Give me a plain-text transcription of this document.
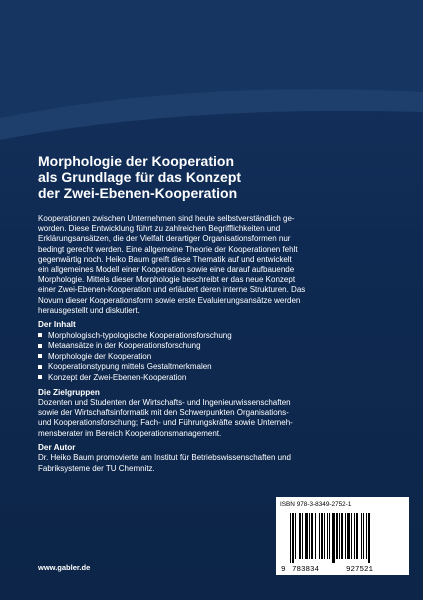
Morphologie der Kooperation
als Grundlage für das Konzept
der Zwei-Ebenen-Kooperation

Kooperationen zwischen Unternehmen sind heute selbstverständlich ge-
worden. Diese Entwicklung führt zu zahlreichen Begrifflichkeiten und
Erklärungsansätzen, die der Vielfalt derartiger Organisationsformen nur
bedingt gerecht werden. Eine allgemeine Theorie der Kooperationen fehlt
gegenwärtig noch. Heiko Baum greift diese Thematik auf und entwickelt
ein allgemeines Modell einer Kooperation sowie eine darauf aufbauende
Morphologie. Mittels dieser Morphologie beschreibt er das neue Konzept
einer Zwei-Ebenen-Kooperation und erläutert deren interne Strukturen. Das
Novum dieser Kooperationsform sowie erste Evaluierungsansätze werden
herausgestellt und diskutiert.

Der Inhalt
Morphologisch-typologische Kooperationsforschung
Metaansätze in der Kooperationsforschung
Morphologie der Kooperation
Kooperationstypung mittels Gestaltmerkmalen
Konzept der Zwei-Ebenen-Kooperation
Die Zielgruppen

Dozenten und Studenten der Wirtschafts- und Ingenieurwissenschaften
sowie der Wirtschaftsinformatik mit den Schwerpunkten Organisations-
und Kooperationsforschung; Fach- und Führungskräfte sowie Unterneh-
mensberater im Bereich Kooperationsmanagement.

Der Autor

Dr. Heiko Baum promovierte am Institut für Betriebswissenschaften und
Fabriksysteme der TU Chemnitz.

ISBN 978-3-8349-2752-1
9 783834	927521
www.gabler.de
